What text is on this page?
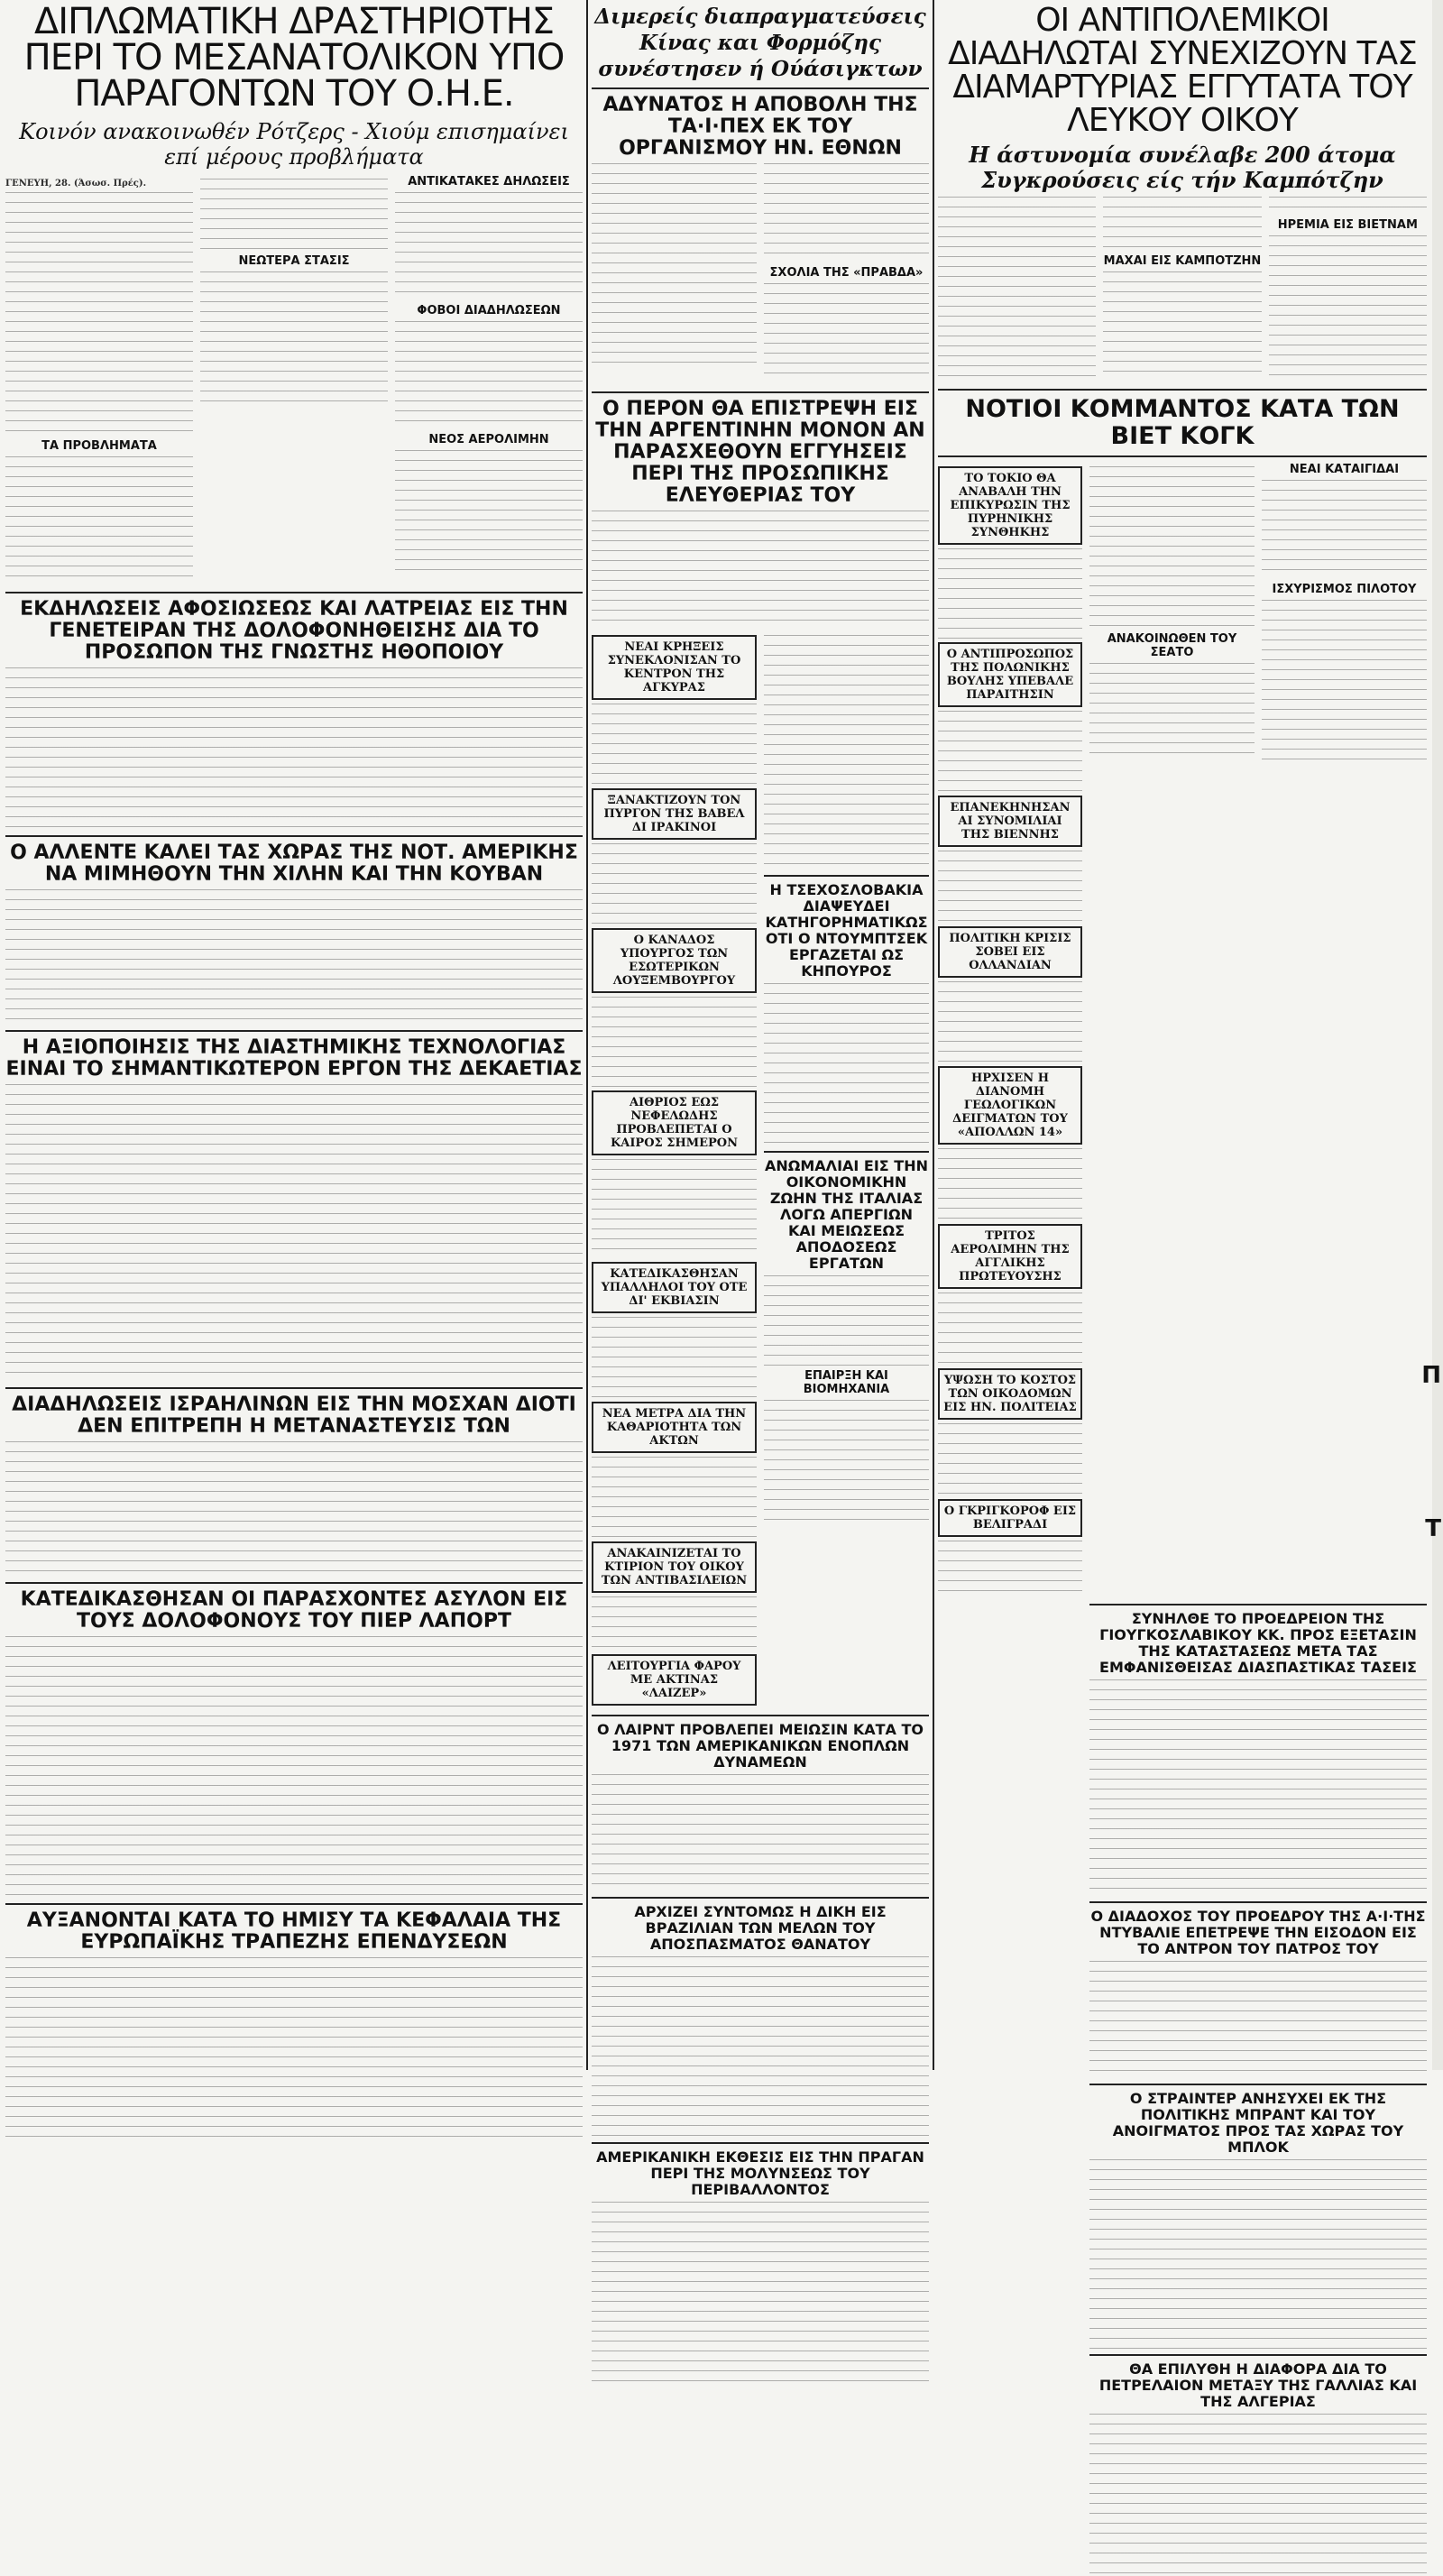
ΔΙΠΛΩΜΑΤΙΚΗ ΔΡΑΣΤΗΡΙΟΤΗΣ ΠΕΡΙ ΤΟ ΜΕΣΑΝΑΤΟΛΙΚΟΝ ΥΠΟ ΠΑΡΑΓΟΝΤΩΝ ΤΟΥ Ο.Η.Ε.
Κοινόν ανακοινωθέν Ρότζερς - Χιούμ επισημαίνει επί μέρους προβλήματα
ΓΕΝΕΥΗ, 28. (Άσωσ. Πρές).
ΤΑ ΠΡΟΒΛΗΜΑΤΑ
ΝΕΩΤΕΡΑ ΣΤΑΣΙΣ
ΑΝΤΙΚΑΤΑΚΕΣ ΔΗΛΩΣΕΙΣ
ΦΟΒΟΙ ΔΙΑΔΗΛΩΣΕΩΝ
ΝΕΟΣ ΑΕΡΟΛΙΜΗΝ
ΕΚΔΗΛΩΣΕΙΣ ΑΦΟΣΙΩΣΕΩΣ ΚΑΙ ΛΑΤΡΕΙΑΣ ΕΙΣ ΤΗΝ ΓΕΝΕΤΕΙΡΑΝ ΤΗΣ ΔΟΛΟΦΟΝΗΘΕΙΣΗΣ ΔΙΑ ΤΟ ΠΡΟΣΩΠΟΝ ΤΗΣ ΓΝΩΣΤΗΣ ΗΘΟΠΟΙΟΥ
Ο ΑΛΛΕΝΤΕ ΚΑΛΕΙ ΤΑΣ ΧΩΡΑΣ ΤΗΣ ΝΟΤ. ΑΜΕΡΙΚΗΣ ΝΑ ΜΙΜΗΘΟΥΝ ΤΗΝ ΧΙΛΗΝ ΚΑΙ ΤΗΝ ΚΟΥΒΑΝ
Η ΑΞΙΟΠΟΙΗΣΙΣ ΤΗΣ ΔΙΑΣΤΗΜΙΚΗΣ ΤΕΧΝΟΛΟΓΙΑΣ ΕΙΝΑΙ ΤΟ ΣΗΜΑΝΤΙΚΩΤΕΡΟΝ ΕΡΓΟΝ ΤΗΣ ΔΕΚΑΕΤΙΑΣ
ΔΙΑΔΗΛΩΣΕΙΣ ΙΣΡΑΗΛΙΝΩΝ ΕΙΣ ΤΗΝ ΜΟΣΧΑΝ ΔΙΟΤΙ ΔΕΝ ΕΠΙΤΡΕΠΗ Η ΜΕΤΑΝΑΣΤΕΥΣΙΣ ΤΩΝ
ΚΑΤΕΔΙΚΑΣΘΗΣΑΝ ΟΙ ΠΑΡΑΣΧΟΝΤΕΣ ΑΣΥΛΟΝ ΕΙΣ ΤΟΥΣ ΔΟΛΟΦΟΝΟΥΣ ΤΟΥ ΠΙΕΡ ΛΑΠΟΡΤ
ΑΥΞΑΝΟΝΤΑΙ ΚΑΤΑ ΤΟ ΗΜΙΣΥ ΤΑ ΚΕΦΑΛΑΙΑ ΤΗΣ ΕΥΡΩΠΑΪΚΗΣ ΤΡΑΠΕΖΗΣ ΕΠΕΝΔΥΣΕΩΝ
Διμερείς διαπραγματεύσεις Κίνας και Φορμόζης συνέστησεν ή Ούάσιγκτων
ΑΔΥΝΑΤΟΣ Η ΑΠΟΒΟΛΗ ΤΗΣ ΤΑ·Ι·ΠΕΧ ΕΚ ΤΟΥ ΟΡΓΑΝΙΣΜΟΥ ΗΝ. ΕΘΝΩΝ
ΣΧΟΛΙΑ ΤΗΣ «ΠΡΑΒΔΑ»
Ο ΠΕΡΟΝ ΘΑ ΕΠΙΣΤΡΕΨΗ ΕΙΣ ΤΗΝ ΑΡΓΕΝΤΙΝΗΝ ΜΟΝΟΝ ΑΝ ΠΑΡΑΣΧΕΘΟΥΝ ΕΓΓΥΗΣΕΙΣ ΠΕΡΙ ΤΗΣ ΠΡΟΣΩΠΙΚΗΣ ΕΛΕΥΘΕΡΙΑΣ ΤΟΥ
ΝΕΑΙ ΚΡΗΞΕΙΣ ΣΥΝΕΚΛΟΝΙΣΑΝ ΤΟ ΚΕΝΤΡΟΝ ΤΗΣ ΑΓΚΥΡΑΣ
ΞΑΝΑΚΤΙΖΟΥΝ ΤΟΝ ΠΥΡΓΟΝ ΤΗΣ ΒΑΒΕΛ ΔΙ ΙΡΑΚΙΝΟΙ
Ο ΚΑΝΑΔΟΣ ΥΠΟΥΡΓΟΣ ΤΩΝ ΕΣΩΤΕΡΙΚΩΝ ΛΟΥΞΕΜΒΟΥΡΓΟΥ
ΑΙΘΡΙΟΣ ΕΩΣ ΝΕΦΕΛΩΔΗΣ ΠΡΟΒΛΕΠΕΤΑΙ Ο ΚΑΙΡΟΣ ΣΗΜΕΡΟΝ
ΚΑΤΕΔΙΚΑΣΘΗΣΑΝ ΥΠΑΛΛΗΛΟΙ ΤΟΥ ΟΤΕ ΔΙ' ΕΚΒΙΑΣΙΝ
ΝΕΑ ΜΕΤΡΑ ΔΙΑ ΤΗΝ ΚΑΘΑΡΙΟΤΗΤΑ ΤΩΝ ΑΚΤΩΝ
ΑΝΑΚΑΙΝΙΖΕΤΑΙ ΤΟ ΚΤΙΡΙΟΝ ΤΟΥ ΟΙΚΟΥ ΤΩΝ ΑΝΤΙΒΑΣΙΛΕΙΩΝ
ΛΕΙΤΟΥΡΓΙΑ ΦΑΡΟΥ ΜΕ ΑΚΤΙΝΑΣ «ΛΑΙΖΕΡ»
Η ΤΣΕΧΟΣΛΟΒΑΚΙΑ ΔΙΑΨΕΥΔΕΙ ΚΑΤΗΓΟΡΗΜΑΤΙΚΩΣ ΟΤΙ Ο ΝΤΟΥΜΠΤΣΕΚ ΕΡΓΑΖΕΤΑΙ ΩΣ ΚΗΠΟΥΡΟΣ
ΑΝΩΜΑΛΙΑΙ ΕΙΣ ΤΗΝ ΟΙΚΟΝΟΜΙΚΗΝ ΖΩΗΝ ΤΗΣ ΙΤΑΛΙΑΣ ΛΟΓΩ ΑΠΕΡΓΙΩΝ ΚΑΙ ΜΕΙΩΣΕΩΣ ΑΠΟΔΟΣΕΩΣ ΕΡΓΑΤΩΝ
ΕΠΑΙΡΞΗ ΚΑΙ ΒΙΟΜΗΧΑΝΙΑ
Ο ΛΑΙΡΝΤ ΠΡΟΒΛΕΠΕΙ ΜΕΙΩΣΙΝ ΚΑΤΑ ΤΟ 1971 ΤΩΝ ΑΜΕΡΙΚΑΝΙΚΩΝ ΕΝΟΠΛΩΝ ΔΥΝΑΜΕΩΝ
ΑΡΧΙΖΕΙ ΣΥΝΤΟΜΩΣ Η ΔΙΚΗ ΕΙΣ ΒΡΑΖΙΛΙΑΝ ΤΩΝ ΜΕΛΩΝ ΤΟΥ ΑΠΟΣΠΑΣΜΑΤΟΣ ΘΑΝΑΤΟΥ
ΑΜΕΡΙΚΑΝΙΚΗ ΕΚΘΕΣΙΣ ΕΙΣ ΤΗΝ ΠΡΑΓΑΝ ΠΕΡΙ ΤΗΣ ΜΟΛΥΝΣΕΩΣ ΤΟΥ ΠΕΡΙΒΑΛΛΟΝΤΟΣ
ΟΙ ΑΝΤΙΠΟΛΕΜΙΚΟΙ ΔΙΑΔΗΛΩΤΑΙ ΣΥΝΕΧΙΖΟΥΝ ΤΑΣ ΔΙΑΜΑΡΤΥΡΙΑΣ ΕΓΓΥΤΑΤΑ ΤΟΥ ΛΕΥΚΟΥ ΟΙΚΟΥ
Η άστυνομία συνέλαβε 200 άτομα
Συγκρούσεις είς τήν Καμπότζην
ΜΑΧΑΙ ΕΙΣ ΚΑΜΠΟΤΖΗΝ
ΗΡΕΜΙΑ ΕΙΣ ΒΙΕΤΝΑΜ
ΝΟΤΙΟΙ ΚΟΜΜΑΝΤΟΣ ΚΑΤΑ ΤΩΝ ΒΙΕΤ ΚΟΓΚ
ΤΟ ΤΟΚΙΟ ΘΑ ΑΝΑΒΑΛΗ ΤΗΝ ΕΠΙΚΥΡΩΣΙΝ ΤΗΣ ΠΥΡΗΝΙΚΗΣ ΣΥΝΘΗΚΗΣ
Ο ΑΝΤΙΠΡΟΣΩΠΟΣ ΤΗΣ ΠΟΛΩΝΙΚΗΣ ΒΟΥΛΗΣ ΥΠΕΒΑΛΕ ΠΑΡΑΙΤΗΣΙΝ
ΕΠΑΝΕΚΗΝΗΣΑΝ ΑΙ ΣΥΝΟΜΙΛΙΑΙ ΤΗΣ ΒΙΕΝΝΗΣ
ΠΟΛΙΤΙΚΗ ΚΡΙΣΙΣ ΣΟΒΕΙ ΕΙΣ ΟΛΛΑΝΔΙΑΝ
ΗΡΧΙΣΕΝ Η ΔΙΑΝΟΜΗ ΓΕΩΛΟΓΙΚΩΝ ΔΕΙΓΜΑΤΩΝ ΤΟΥ «ΑΠΟΛΛΩΝ 14»
ΤΡΙΤΟΣ ΑΕΡΟΛΙΜΗΝ ΤΗΣ ΑΓΓΛΙΚΗΣ ΠΡΩΤΕΥΟΥΣΗΣ
ΥΨΩΣΗ ΤΟ ΚΟΣΤΟΣ ΤΩΝ ΟΙΚΟΔΟΜΩΝ ΕΙΣ ΗΝ. ΠΟΛΙΤΕΙΑΣ
Ο ΓΚΡΙΓΚΟΡΟΦ ΕΙΣ ΒΕΛΙΓΡΑΔΙ
ΑΝΑΚΟΙΝΩΘΕΝ ΤΟΥ ΣΕΑΤΟ
ΝΕΑΙ ΚΑΤΑΙΓΙΔΑΙ
ΙΣΧΥΡΙΣΜΟΣ ΠΙΛΟΤΟΥ
ΣΥΝΗΛΘΕ ΤΟ ΠΡΟΕΔΡΕΙΟΝ ΤΗΣ ΓΙΟΥΓΚΟΣΛΑΒΙΚΟΥ ΚΚ. ΠΡΟΣ ΕΞΕΤΑΣΙΝ ΤΗΣ ΚΑΤΑΣΤΑΣΕΩΣ ΜΕΤΑ ΤΑΣ ΕΜΦΑΝΙΣΘΕΙΣΑΣ ΔΙΑΣΠΑΣΤΙΚΑΣ ΤΑΣΕΙΣ
Ο ΔΙΑΔΟΧΟΣ ΤΟΥ ΠΡΟΕΔΡΟΥ ΤΗΣ Α·Ι·ΤΗΣ ΝΤΥΒΑΛΙΕ ΕΠΕΤΡΕΨΕ ΤΗΝ ΕΙΣΟΔΟΝ ΕΙΣ ΤΟ ΑΝΤΡΟΝ ΤΟΥ ΠΑΤΡΟΣ ΤΟΥ
Ο ΣΤΡΑΙΝΤΕΡ ΑΝΗΣΥΧΕΙ ΕΚ ΤΗΣ ΠΟΛΙΤΙΚΗΣ ΜΠΡΑΝΤ ΚΑΙ ΤΟΥ ΑΝΟΙΓΜΑΤΟΣ ΠΡΟΣ ΤΑΣ ΧΩΡΑΣ ΤΟΥ ΜΠΛΟΚ
ΘΑ ΕΠΙΛΥΘΗ Η ΔΙΑΦΟΡΑ ΔΙΑ ΤΟ ΠΕΤΡΕΛΑΙΟΝ ΜΕΤΑΞΥ ΤΗΣ ΓΑΛΛΙΑΣ ΚΑΙ ΤΗΣ ΑΛΓΕΡΙΑΣ
Π
Τ
